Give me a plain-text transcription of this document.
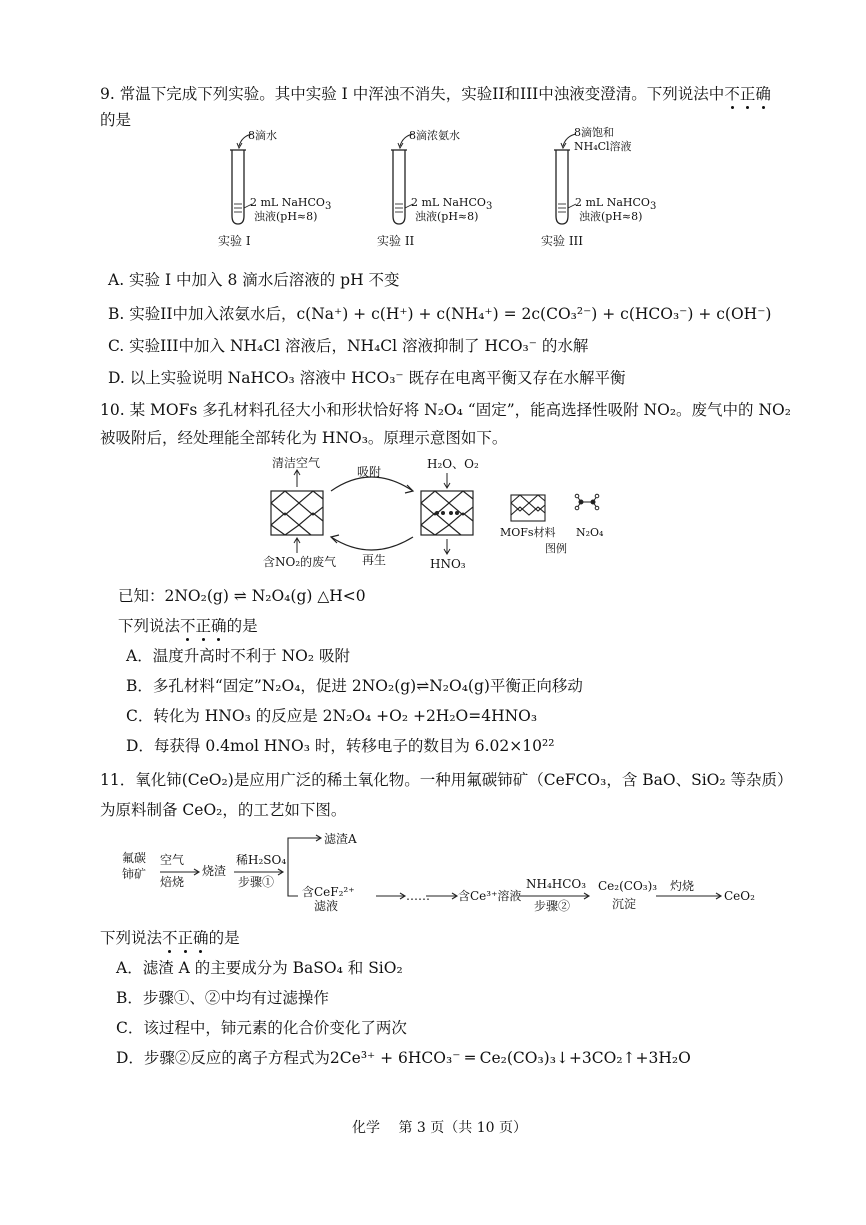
9. 常温下完成下列实验。其中实验 I 中浑浊不消失，实验II和III中浊液变澄清。下列说法中不正确
的是
8滴水	8滴浓氨水	8滴饱和
NH₄Cl溶液
2 mL NaHCO$_3$
浊液(pH≈8)
2 mL NaHCO$_3$
浊液(pH≈8)
2 mL NaHCO$_3$
浊液(pH≈8)
实验 I	实验 II	实验 III
A. 实验 I 中加入 8 滴水后溶液的 pH 不变
B. 实验II中加入浓氨水后，c(Na⁺) + c(H⁺) + c(NH₄⁺) = 2c(CO₃²⁻) + c(HCO₃⁻) + c(OH⁻)
C. 实验III中加入 NH₄Cl 溶液后，NH₄Cl 溶液抑制了 HCO₃⁻ 的水解
D. 以上实验说明 NaHCO₃ 溶液中 HCO₃⁻ 既存在电离平衡又存在水解平衡
10. 某 MOFs 多孔材料孔径大小和形状恰好将 N₂O₄ “固定”，能高选择性吸附 NO₂。废气中的 NO₂
被吸附后，经处理能全部转化为 HNO₃。原理示意图如下。
清洁空气
含NO₂的废气
吸附
再生
H₂O、O₂
HNO₃
MOFs材料 N₂O₄
图例
已知：2NO₂(g) ⇌ N₂O₄(g) △H<0
下列说法不正确的是
A．温度升高时不利于 NO₂ 吸附
B．多孔材料“固定”N₂O₄，促进 2NO₂(g)⇌N₂O₄(g)平衡正向移动
C．转化为 HNO₃ 的反应是 2N₂O₄ +O₂ +2H₂O=4HNO₃
D．每获得 0.4mol HNO₃ 时，转移电子的数目为 6.02×10²²
11．氧化铈(CeO₂)是应用广泛的稀土氧化物。一种用氟碳铈矿（CeFCO₃，含 BaO、SiO₂ 等杂质）
为原料制备 CeO₂，的工艺如下图。
氟碳
铈矿
空气
焙烧
烧渣
稀H₂SO₄
步骤①
滤渣A
含CeF₂²⁺
滤液
…… 含Ce³⁺溶液
NH₄HCO₃
步骤②
Ce₂(CO₃)₃
沉淀
灼烧
CeO₂
下列说法不正确的是
A．滤渣 A 的主要成分为 BaSO₄ 和 SiO₂
B．步骤①、②中均有过滤操作
C．该过程中，铈元素的化合价变化了两次
D．步骤②反应的离子方程式为2Ce³⁺ + 6HCO₃⁻ ═ Ce₂(CO₃)₃↓+3CO₂↑+3H₂O
化学　 第 3 页（共 10 页）
